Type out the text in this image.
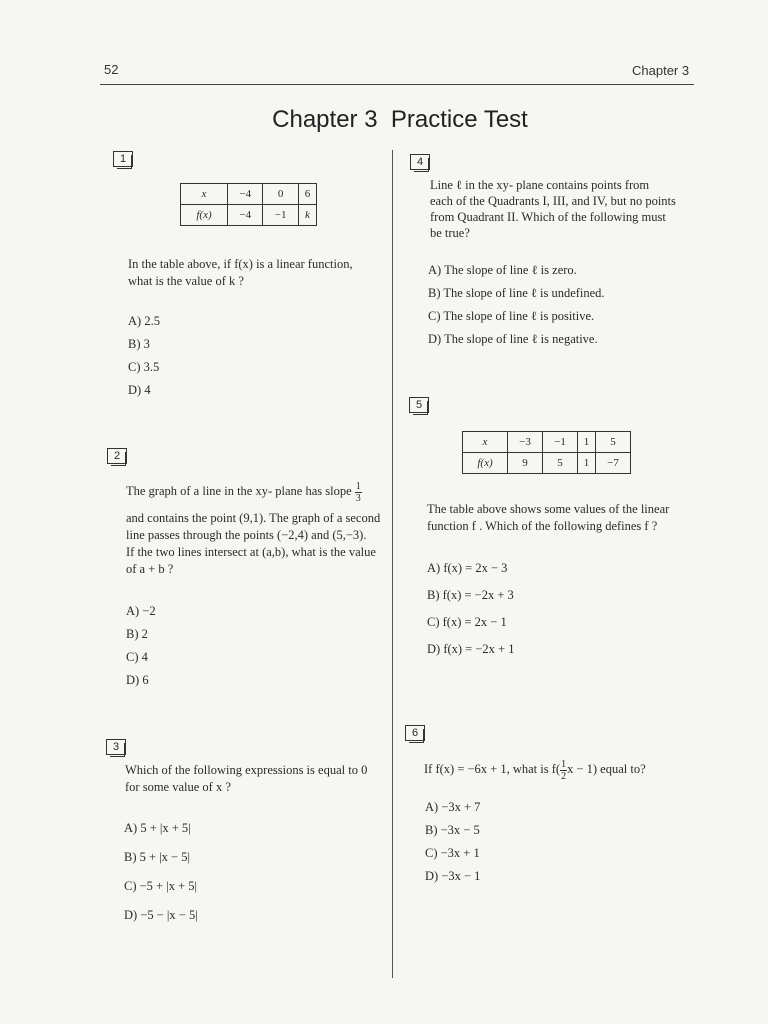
52	Chapter 3
Chapter 3  Practice Test
1
x	−4	0	6
f(x)	−4	−1	k
In the table above, if f(x) is a linear function,
what is the value of k ?
A) 2.5
B) 3
C) 3.5
D) 4
2
The graph of a line in the xy- plane has slope $\frac{1}{3}$
and contains the point (9,1). The graph of a second
line passes through the points (−2,4) and (5,−3).
If the two lines intersect at (a,b), what is the value
of a + b ?
A) −2
B) 2
C) 4
D) 6
3
Which of the following expressions is equal to 0
for some value of x ?
A) 5 + |x + 5|
B) 5 + |x − 5|
C) −5 + |x + 5|
D) −5 − |x − 5|
4
Line ℓ in the xy- plane contains points from
each of the Quadrants I, III, and IV, but no points
from Quadrant II. Which of the following must
be true?
A) The slope of line ℓ is zero.
B) The slope of line ℓ is undefined.
C) The slope of line ℓ is positive.
D) The slope of line ℓ is negative.
5
x	−3	−1	1	5
f(x)	9	5	1	−7
The table above shows some values of the linear
function f . Which of the following defines f ?
A) f(x) = 2x − 3
B) f(x) = −2x + 3
C) f(x) = 2x − 1
D) f(x) = −2x + 1
6
If f(x) = −6x + 1, what is $f( \frac{1}{2}$ x − 1) equal to?
A) −3x + 7
B) −3x − 5
C) −3x + 1
D) −3x − 1
